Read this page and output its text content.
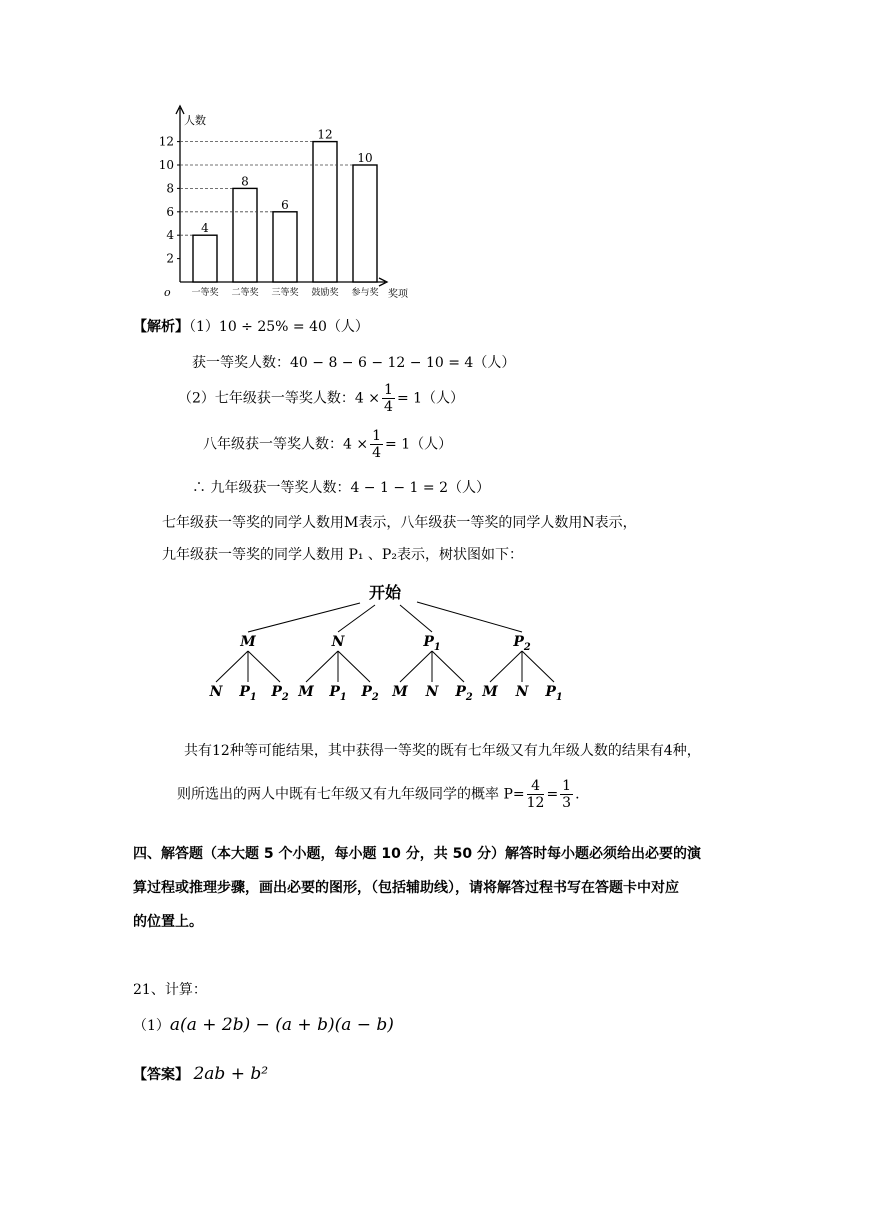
2
4
6
8
10
12
人数
o	奖项
4
一等奖
8
二等奖
6
三等奖
12
鼓励奖
10
参与奖
【解析】（1）10 ÷ 25% = 40（人）
获一等奖人数：40 − 8 − 6 − 12 − 10 = 4（人）
（2）七年级获一等奖人数：$4 \times \frac{1}{4} = 1$（人）
八年级获一等奖人数：$4 \times \frac{1}{4} = 1$（人）
∴ 九年级获一等奖人数：4 − 1 − 1 = 2（人）
七年级获一等奖的同学人数用M表示，八年级获一等奖的同学人数用N表示，
九年级获一等奖的同学人数用 P₁ 、P₂表示，树状图如下：
开始
M
N $P_1$ $P_2$
N
M $P_1$ $P_2$
$P_1$
M N $P_2$
$P_2$
M N $P_1$
共有12种等可能结果，其中获得一等奖的既有七年级又有九年级人数的结果有4种，
则所选出的两人中既有七年级又有九年级同学的概率 $P= \frac{4}{12} = \frac{1}{3}$ .
四、解答题（本大题 5 个小题，每小题 10 分，共 50 分）解答时每小题必须给出必要的演
算过程或推理步骤，画出必要的图形，（包括辅助线），请将解答过程书写在答题卡中对应
的位置上。
21、计算：
（1）a(a + 2b) − (a + b)(a − b)
【答案】 2ab + b²
